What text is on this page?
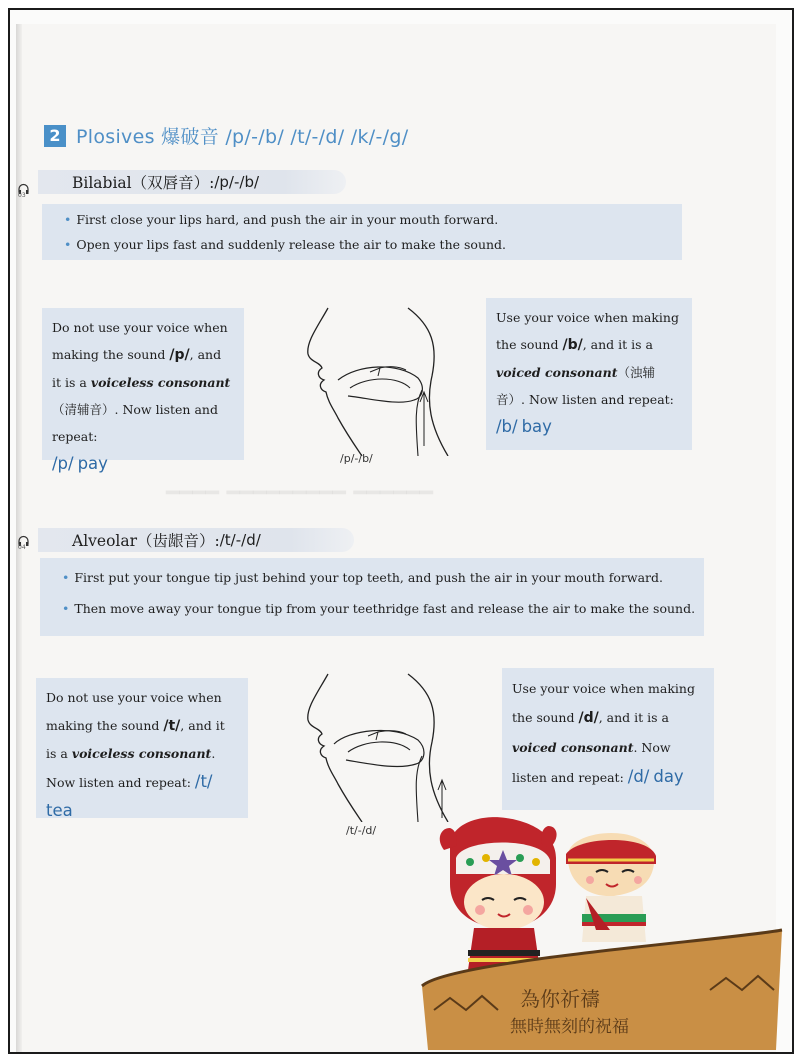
━━━━ ━━━━━━━━━ ━━━━━━
2 Plosives 爆破音 /p/-/b/ /t/-/d/ /k/-/g/
03
Bilabial（双唇音）: /p/-/b/
• First close your lips hard, and push the air in your mouth forward.
• Open your lips fast and suddenly release the air to make the sound.
Do not use your voice when making the sound /p/, and it is a voiceless consonant（清辅音）. Now listen and repeat:
/p/ pay	/p/-/b/
Use your voice when making the sound /b/, and it is a voiced consonant（浊辅音）. Now listen and repeat:
/b/ bay
04	Alveolar（齿龈音）: /t/-/d/
• First put your tongue tip just behind your top teeth, and push the air in your mouth forward.
• Then move away your tongue tip from your teethridge fast and release the air to make the sound.
Do not use your voice when making the sound /t/, and it is a voiceless consonant. Now listen and repeat: /t/ tea
/t/-/d/
Use your voice when making the sound /d/, and it is a voiced consonant. Now listen and repeat: /d/ day
為你祈禱
無時無刻的祝福
